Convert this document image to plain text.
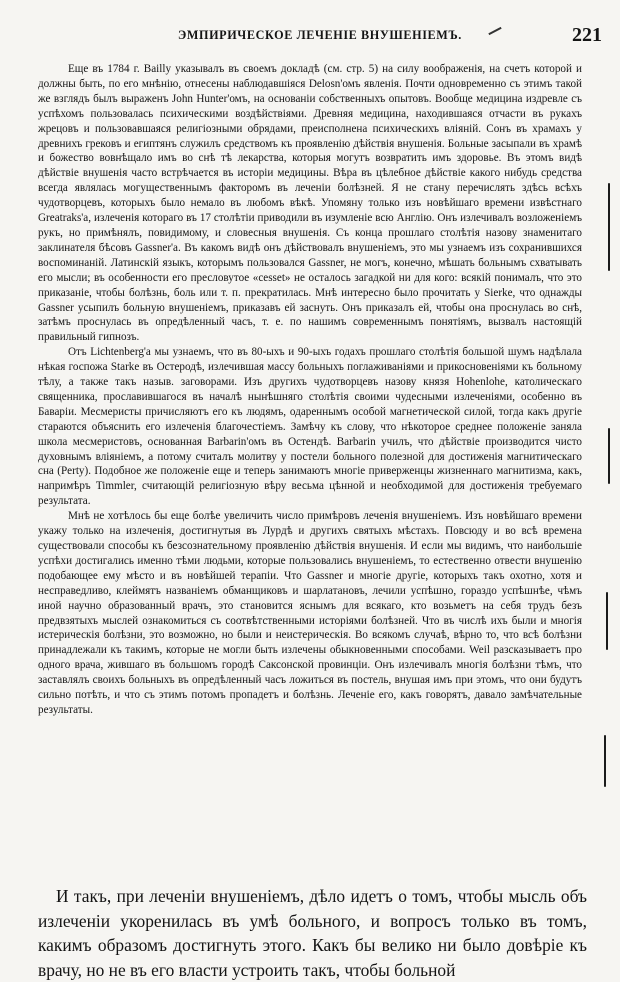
ЭМПИРИЧЕСКОЕ ЛЕЧЕНІЕ ВНУШЕНІЕМЪ.	221

Еще въ 1784 г. Bailly указывалъ въ своемъ докладѣ (см. стр. 5) на силу воображенія, на счетъ которой и должны быть, по его мнѣнію, отнесены наблюдавшіяся Delosn'омъ явленія. Почти одновременно съ этимъ такой же взглядъ былъ выраженъ John Hunter'омъ, на основаніи собственныхъ опытовъ. Вообще медицина издревле съ успѣхомъ пользовалась психическими воздѣйствіями. Древняя медицина, находившаяся отчасти въ рукахъ жрецовъ и пользовавшаяся религіозными обрядами, преисполнена психическихъ вліяній. Сонъ въ храмахъ у древнихъ грековъ и египтянъ служилъ средствомъ къ проявленію дѣйствія внушенія. Больные засыпали въ храмѣ и божество вовнѣщало имъ во снѣ тѣ лекарства, которыя могутъ возвратить имъ здоровье. Въ этомъ видѣ дѣйствіе внушенія часто встрѣчается въ исторіи медицины. Вѣра въ цѣлебное дѣйствіе какого нибудь средства всегда являлась могущественнымъ факторомъ въ леченіи болѣзней. Я не стану перечислять здѣсь всѣхъ чудотворцевъ, которыхъ было немало въ любомъ вѣкѣ. Упомяну только изъ новѣйшаго времени извѣстнаго Greatraks'а, излеченія котораго въ 17 столѣтіи приводили въ изумленіе всю Англію. Онъ излечивалъ возложеніемъ рукъ, но примѣнялъ, повидимому, и словесныя внушенія. Съ конца прошлаго столѣтія назову знаменитаго заклинателя бѣсовъ Gassner'а. Въ какомъ видѣ онъ дѣйствовалъ внушеніемъ, это мы узнаемъ изъ сохранившихся воспоминаній. Латинскій языкъ, которымъ пользовался Gassner, не могъ, конечно, мѣшать больнымъ схватывать его мысли; въ особенности его пресловутое «cesset» не осталось загадкой ни для кого: всякій понималъ, что это приказаніе, чтобы болѣзнь, боль или т. п. прекратилась. Мнѣ интересно было прочитать у Sierke, что однажды Gassner усыпилъ больную внушеніемъ, приказавъ ей заснуть. Онъ приказалъ ей, чтобы она проснулась во снѣ, затѣмъ проснулась въ опредѣленный часъ, т. е. по нашимъ современнымъ понятіямъ, вызвалъ настоящій правильный гипнозъ.

Отъ Lichtenberg'а мы узнаемъ, что въ 80-ыхъ и 90-ыхъ годахъ прошлаго столѣтія большой шумъ надѣлала нѣкая госпожа Starke въ Остеродѣ, излечившая массу больныхъ поглаживаніями и прикосновеніями къ больному тѣлу, а также такъ назыв. заговорами. Изъ другихъ чудотворцевъ назову князя Hohenlohe, католическаго священника, прославившагося въ началѣ нынѣшняго столѣтія своими чудесными излеченіями, особенно въ Баваріи. Месмеристы причисляютъ его къ людямъ, одареннымъ особой магнетической силой, тогда какъ другіе стараются объяснить его излеченія благочестіемъ. Замѣчу къ слову, что нѣкоторое среднее положеніе заняла школа месмеристовъ, основанная Barbarin'омъ въ Остендѣ. Barbarin училъ, что дѣйствіе производится чисто духовнымъ вліяніемъ, а потому считалъ молитву у постели больного полезной для достиженія магнитическаго сна (Perty). Подобное же положеніе еще и теперь занимаютъ многіе приверженцы жизненнаго магнитизма, какъ, напримѣръ Timmler, считающій религіозную вѣру весьма цѣнной и необходимой для достиженія требуемаго результата.

Мнѣ не хотѣлось бы еще болѣе увеличить число примѣровъ леченія внушеніемъ. Изъ новѣйшаго времени укажу только на излеченія, достигнутыя въ Лурдѣ и другихъ святыхъ мѣстахъ. Повсюду и во всѣ времена существовали способы къ безсознательному проявленію дѣйствія внушенія. И если мы видимъ, что наибольшіе успѣхи достигались именно тѣми людьми, которые пользовались внушеніемъ, то естественно отвести внушенію подобающее ему мѣсто и въ новѣйшей терапіи. Что Gassner и многіе другіе, которыхъ такъ охотно, хотя и несправедливо, клеймятъ названіемъ обманщиковъ и шарлатановъ, лечили успѣшно, гораздо успѣшнѣе, чѣмъ иной научно образованный врачъ, это становится яснымъ для всякаго, кто возьметъ на себя трудъ безъ предвзятыхъ мыслей ознакомиться съ соотвѣтственными исторіями болѣзней. Что въ числѣ ихъ были и многія истерическія болѣзни, это возможно, но были и неистерическія. Во всякомъ случаѣ, вѣрно то, что всѣ болѣзни принадлежали къ такимъ, которые не могли быть излечены обыкновенными способами. Weil разсказываетъ про одного врача, жившаго въ большомъ городѣ Саксонской провинціи. Онъ излечивалъ многія болѣзни тѣмъ, что заставлялъ своихъ больныхъ въ опредѣленный часъ ложиться въ постель, внушая имъ при этомъ, что они будутъ сильно потѣть, и что съ этимъ потомъ пропадетъ и болѣзнь. Леченіе его, какъ говорятъ, давало замѣчательные результаты.

И такъ, при леченіи внушеніемъ, дѣло идетъ о томъ, чтобы мысль объ излеченіи укоренилась въ умѣ больного, и вопросъ только въ томъ, какимъ образомъ достигнуть этого. Какъ бы велико ни было довѣріе къ врачу, но не въ его власти устроить такъ, чтобы больной
